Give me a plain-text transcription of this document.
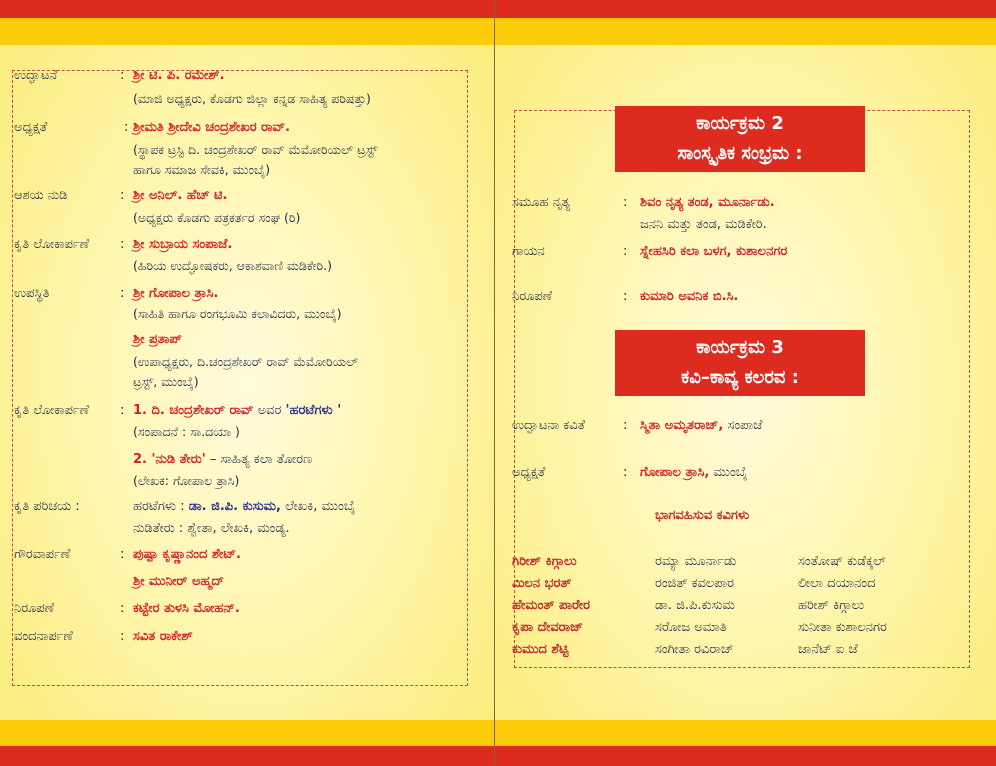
ಉದ್ಘಾಟನೆ	: ಶ್ರೀ ಟಿ. ಪಿ. ರಮೇಶ್.
(ಮಾಜಿ ಅಧ್ಯಕ್ಷರು, ಕೊಡಗು ಜಿಲ್ಲಾ ಕನ್ನಡ ಸಾಹಿತ್ಯ ಪರಿಷತ್ತು)
ಅಧ್ಯಕ್ಷತೆ	: ಶ್ರೀಮತಿ ಶ್ರೀದೇವಿ ಚಂದ್ರಶೇಖರ ರಾವ್.
(ಸ್ಥಾಪಕ ಟ್ರಸ್ಟಿ ದಿ. ಚಂದ್ರಶೇಖರ್ ರಾವ್ ಮೆಮೋರಿಯಲ್ ಟ್ರಸ್ಟ್
ಹಾಗೂ ಸಮಾಜ ಸೇವಕಿ, ಮುಂಬೈ)
ಆಶಯ ನುಡಿ	: ಶ್ರೀ ಅನಿಲ್. ಹೆಚ್ ಟಿ.
(ಅಧ್ಯಕ್ಷರು ಕೊಡಗು ಪತ್ರಕರ್ತರ ಸಂಘ (ರಿ)
ಕೃತಿ ಲೋಕಾರ್ಪಣೆ : ಶ್ರೀ ಸುಬ್ರಾಯ ಸಂಪಾಜೆ.
(ಹಿರಿಯ ಉದ್ಘೋಷಕರು, ಆಕಾಶವಾಣಿ ಮಡಿಕೇರಿ.)
ಉಪಸ್ಥಿತಿ	: ಶ್ರೀ ಗೋಪಾಲ ತ್ರಾಸಿ.
(ಸಾಹಿತಿ ಹಾಗೂ ರಂಗಭೂಮಿ ಕಲಾವಿದರು, ಮುಂಬೈ)
ಶ್ರೀ ಪ್ರತಾಪ್
(ಉಪಾಧ್ಯಕ್ಷರು, ದಿ.ಚಂದ್ರಶೇಖರ್ ರಾವ್ ಮೆಮೋರಿಯಲ್
ಟ್ರಸ್ಟ್, ಮುಂಬೈ)
ಕೃತಿ ಲೋಕಾರ್ಪಣೆ : 1. ದಿ. ಚಂದ್ರಶೇಖರ್ ರಾವ್ ಅವರ 'ಹರಟೆಗಳು '
(ಸಂಪಾದನೆ : ಸಾ.ದಯಾ )
2. 'ನುಡಿ ತೇರು' – ಸಾಹಿತ್ಯ ಕಲಾ ತೋರಣ
(ಲೇಖಕ: ಗೋಪಾಲ ತ್ರಾಸಿ)
ಕೃತಿ ಪರಿಚಯ :	ಹರಟೆಗಳು : ಡಾ. ಜಿ.ಪಿ. ಕುಸುಮ, ಲೇಖಕಿ, ಮುಂಬೈ
ನುಡಿತೇರು : ಶ್ವೇತಾ, ಲೇಖಕಿ, ಮಂಡ್ಯ.
ಗೌರವಾರ್ಪಣೆ	: ಪುಷ್ಪಾ ಕೃಷ್ಣಾನಂದ ಶೇಟ್.
ಶ್ರೀ ಮುನೀರ್ ಅಹ್ಮದ್
ನಿರೂಪಣೆ	: ಕಟ್ಟೇರ ತುಳಸಿ ಮೋಹನ್.
ವಂದನಾರ್ಪಣೆ	: ಸವಿತ ರಾಕೇಶ್
ಕಾರ್ಯಕ್ರಮ 2
ಸಾಂಸ್ಕೃತಿಕ ಸಂಭ್ರಮ :
ಸಮೂಹ ನೃತ್ಯ	: ಶಿವಂ ನೃತ್ಯ ತಂಡ, ಮೂರ್ನಾಡು.
ಜನನಿ ಮತ್ತು ತಂಡ, ಮಡಿಕೇರಿ.
ಗಾಯನ	: ಸ್ನೇಹಸಿರಿ ಕಲಾ ಬಳಗ, ಕುಶಾಲನಗರ
ನಿರೂಪಣೆ	: ಕುಮಾರಿ ಅವನಿಕ ಬಿ.ಸಿ.
ಕಾರ್ಯಕ್ರಮ 3
ಕವಿ–ಕಾವ್ಯ ಕಲರವ :
ಉದ್ಘಾಟನಾ ಕವಿತೆ	: ಸ್ಮಿತಾ ಅಮೃತರಾಜ್, ಸಂಪಾಜೆ
ಅಧ್ಯಕ್ಷತೆ	: ಗೋಪಾಲ ತ್ರಾಸಿ, ಮುಂಬೈ
ಭಾಗವಹಿಸುವ ಕವಿಗಳು
ಗಿರೀಶ್ ಕಿಗ್ಗಾಲು	ರಮ್ಯಾ ಮೂರ್ನಾಡು	ಸಂತೋಷ್ ಕುಡೆಕ್ಕಲ್
ಮಿಲನ ಭರತ್	ರಂಜಿತ್ ಕವಲಪಾರ	ಲೀಲಾ ದಯಾನಂದ
ಹೇಮಂತ್ ಪಾರೇರ	ಡಾ. ಜಿ.ಪಿ.ಕುಸುಮ	ಹರೀಶ್ ಕಿಗ್ಗಾಲು
ಕೃಪಾ ದೇವರಾಜ್	ಸರೋಜ ಅಮಾತಿ	ಸುನೀತಾ ಕುಶಾಲನಗರ
ಕುಮುದ ಶೆಟ್ಟಿ	ಸಂಗೀತಾ ರವಿರಾಜ್	ಜಾನೆಟ್ ಐ ಜೆ
